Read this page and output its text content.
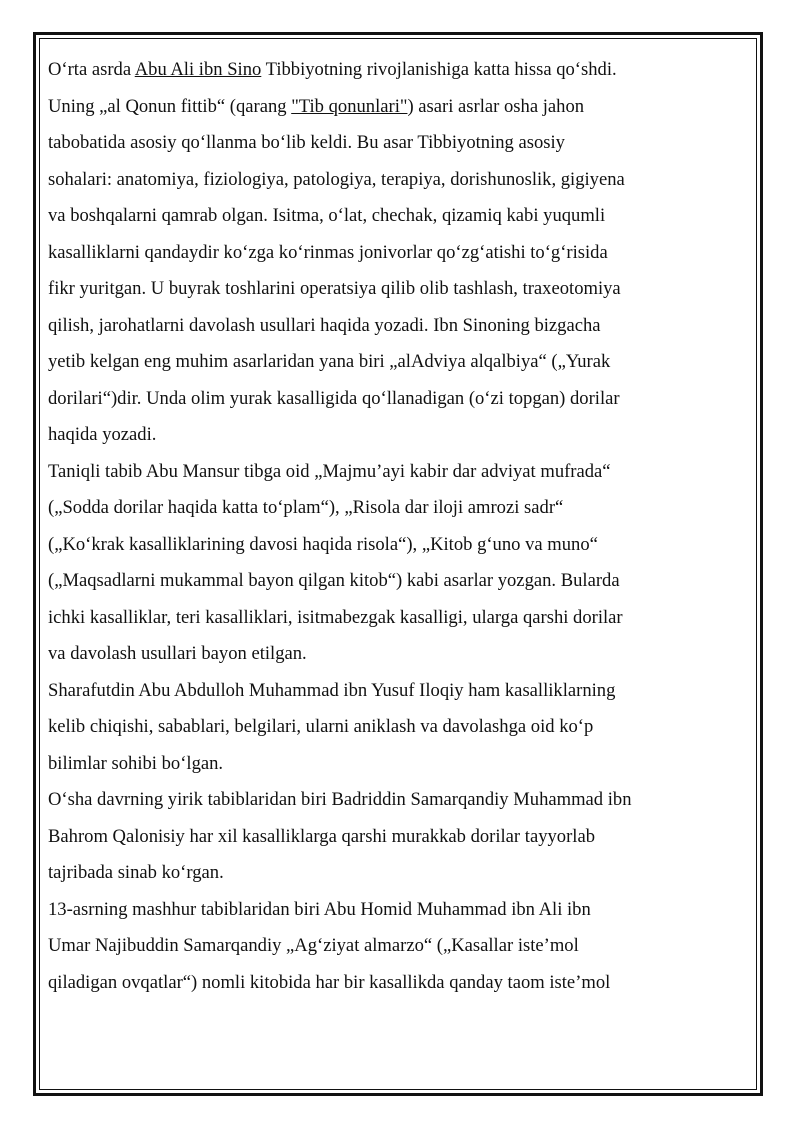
O‘rta asrda Abu Ali ibn Sino Tibbiyotning rivojlanishiga katta hissa qo‘shdi.
Uning „al Qonun fittib“ (qarang "Tib qonunlari") asari asrlar osha jahon
tabobatida asosiy qo‘llanma bo‘lib keldi. Bu asar Tibbiyotning asosiy
sohalari: anatomiya, fiziologiya, patologiya, terapiya, dorishunoslik, gigiyena
va boshqalarni qamrab olgan. Isitma, o‘lat, chechak, qizamiq kabi yuqumli
kasalliklarni qandaydir ko‘zga ko‘rinmas jonivorlar qo‘zg‘atishi to‘g‘risida
fikr yuritgan. U buyrak toshlarini operatsiya qilib olib tashlash, traxeotomiya
qilish, jarohatlarni davolash usullari haqida yozadi. Ibn Sinoning bizgacha
yetib kelgan eng muhim asarlaridan yana biri „alAdviya alqalbiya“ („Yurak
dorilari“)dir. Unda olim yurak kasalligida qo‘llanadigan (o‘zi topgan) dorilar
haqida yozadi.
Taniqli tabib Abu Mansur tibga oid „Majmu’ayi kabir dar adviyat mufrada“
(„Sodda dorilar haqida katta to‘plam“), „Risola dar iloji amrozi sadr“
(„Ko‘krak kasalliklarining davosi haqida risola“), „Kitob g‘uno va muno“
(„Maqsadlarni mukammal bayon qilgan kitob“) kabi asarlar yozgan. Bularda
ichki kasalliklar, teri kasalliklari, isitmabezgak kasalligi, ularga qarshi dorilar
va davolash usullari bayon etilgan.
Sharafutdin Abu Abdulloh Muhammad ibn Yusuf Iloqiy ham kasalliklarning
kelib chiqishi, sabablari, belgilari, ularni aniklash va davolashga oid ko‘p
bilimlar sohibi bo‘lgan.
O‘sha davrning yirik tabiblaridan biri Badriddin Samarqandiy Muhammad ibn
Bahrom Qalonisiy har xil kasalliklarga qarshi murakkab dorilar tayyorlab
tajribada sinab ko‘rgan.
13-asrning mashhur tabiblaridan biri Abu Homid Muhammad ibn Ali ibn
Umar Najibuddin Samarqandiy „Ag‘ziyat almarzo“ („Kasallar iste’mol
qiladigan ovqatlar“) nomli kitobida har bir kasallikda qanday taom iste’mol
